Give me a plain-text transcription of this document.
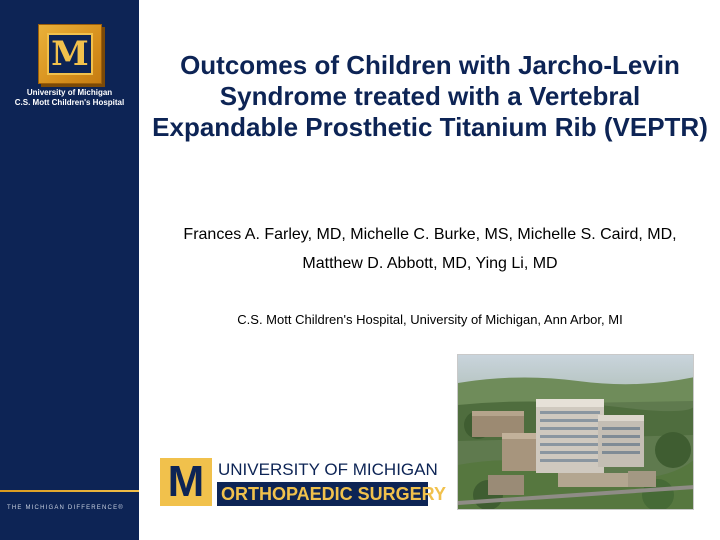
M
University of Michigan
C.S. Mott Children's Hospital
THE MICHIGAN DIFFERENCE®
Outcomes of Children with Jarcho-Levin Syndrome treated with a Vertebral Expandable Prosthetic Titanium Rib (VEPTR)
Frances A. Farley, MD, Michelle C. Burke, MS, Michelle S. Caird, MD, Matthew D. Abbott, MD, Ying Li, MD
C.S. Mott Children's Hospital, University of Michigan, Ann Arbor, MI
M UNIVERSITY OF MICHIGAN
ORTHOPAEDIC SURGERY
